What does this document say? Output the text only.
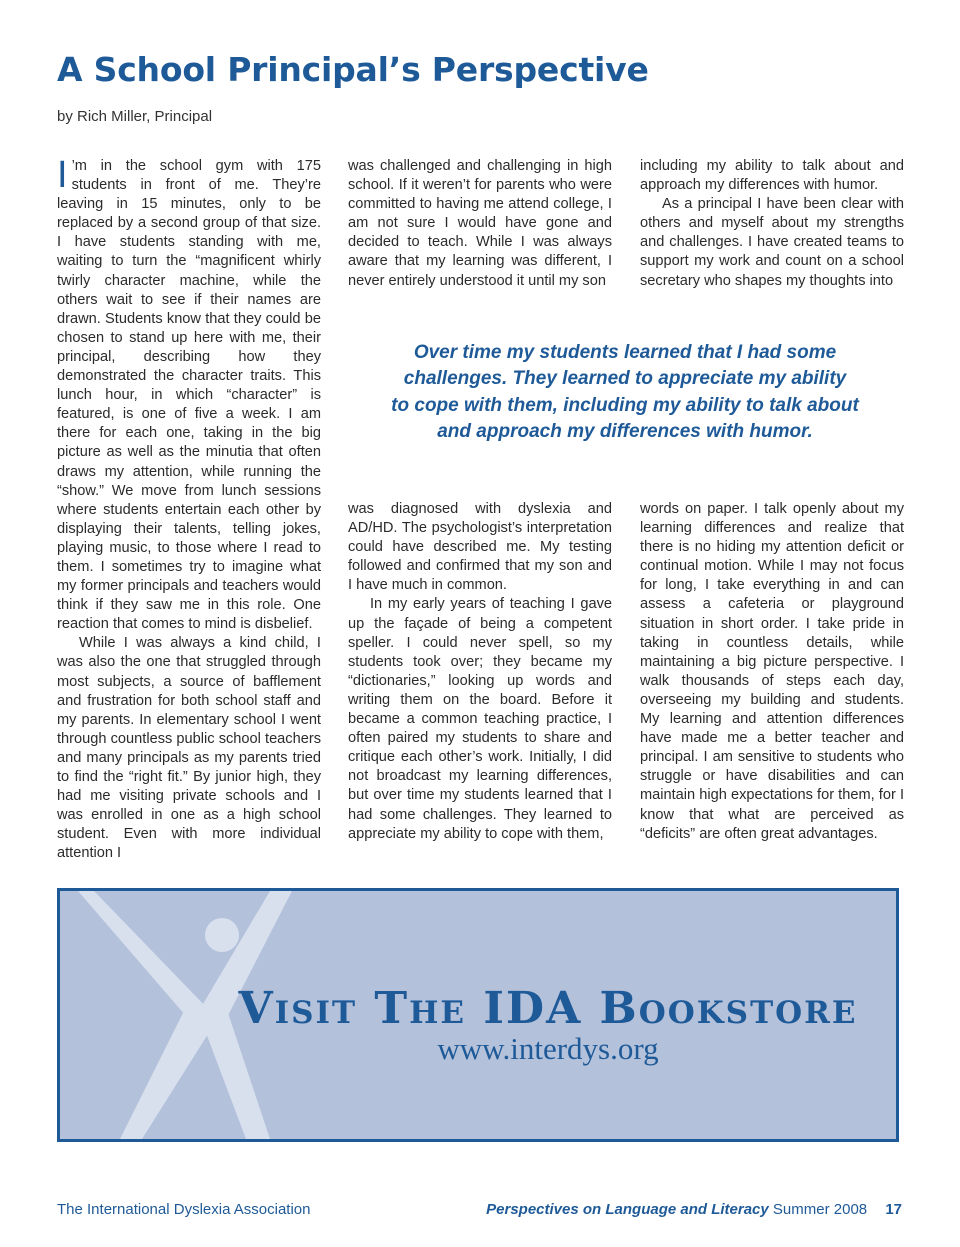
A School Principal’s Perspective
by Rich Miller, Principal

I ’m in the school gym with 175 students in front of me. They’re leaving in 15 minutes, only to be replaced by a second group of that size. I have students standing with me, waiting to turn the “magnificent whirly twirly character machine, while the others wait to see if their names are drawn. Students know that they could be chosen to stand up here with me, their principal, describing how they demonstrated the character traits. This lunch hour, in which “character” is featured, is one of five a week. I am there for each one, taking in the big picture as well as the minutia that often draws my attention, while running the “show.” We move from lunch sessions where students entertain each other by displaying their talents, telling jokes, playing music, to those where I read to them. I sometimes try to imagine what my former principals and teachers would think if they saw me in this role. One reaction that comes to mind is disbelief.

While I was always a kind child, I was also the one that struggled through most subjects, a source of bafflement and frustration for both school staff and my parents. In elementary school I went through countless public school teachers and many principals as my parents tried to find the “right fit.” By junior high, they had me visiting private schools and I was enrolled in one as a high school student. Even with more individual attention I

was challenged and challenging in high school. If it weren’t for parents who were committed to having me attend college, I am not sure I would have gone and decided to teach. While I was always aware that my learning was different, I never entirely understood it until my son

including my ability to talk about and approach my differences with humor.

As a principal I have been clear with others and myself about my strengths and challenges. I have created teams to support my work and count on a school secretary who shapes my thoughts into

Over time my students learned that I had some
challenges. They learned to appreciate my ability
to cope with them, including my ability to talk about
and approach my differences with humor.

was diagnosed with dyslexia and AD/HD. The psychologist’s interpretation could have described me. My testing followed and confirmed that my son and I have much in common.

In my early years of teaching I gave up the façade of being a competent speller. I could never spell, so my students took over; they became my “dictionaries,” looking up words and writing them on the board. Before it became a common teaching practice, I often paired my students to share and critique each other’s work. Initially, I did not broadcast my learning differences, but over time my students learned that I had some challenges. They learned to appreciate my ability to cope with them,

words on paper. I talk openly about my learning differences and realize that there is no hiding my attention deficit or continual motion. While I may not focus for long, I take everything in and can assess a cafeteria or playground situation in short order. I take pride in taking in countless details, while maintaining a big picture perspective. I walk thousands of steps each day, overseeing my building and students. My learning and attention differences have made me a better teacher and principal. I am sensitive to students who struggle or have disabilities and can maintain high expectations for them, for I know that what are perceived as “deficits” are often great advantages.

Visit The IDA Bookstore
www.interdys.org
The International Dyslexia Association	Perspectives on Language and Literacy Summer 2008 17
